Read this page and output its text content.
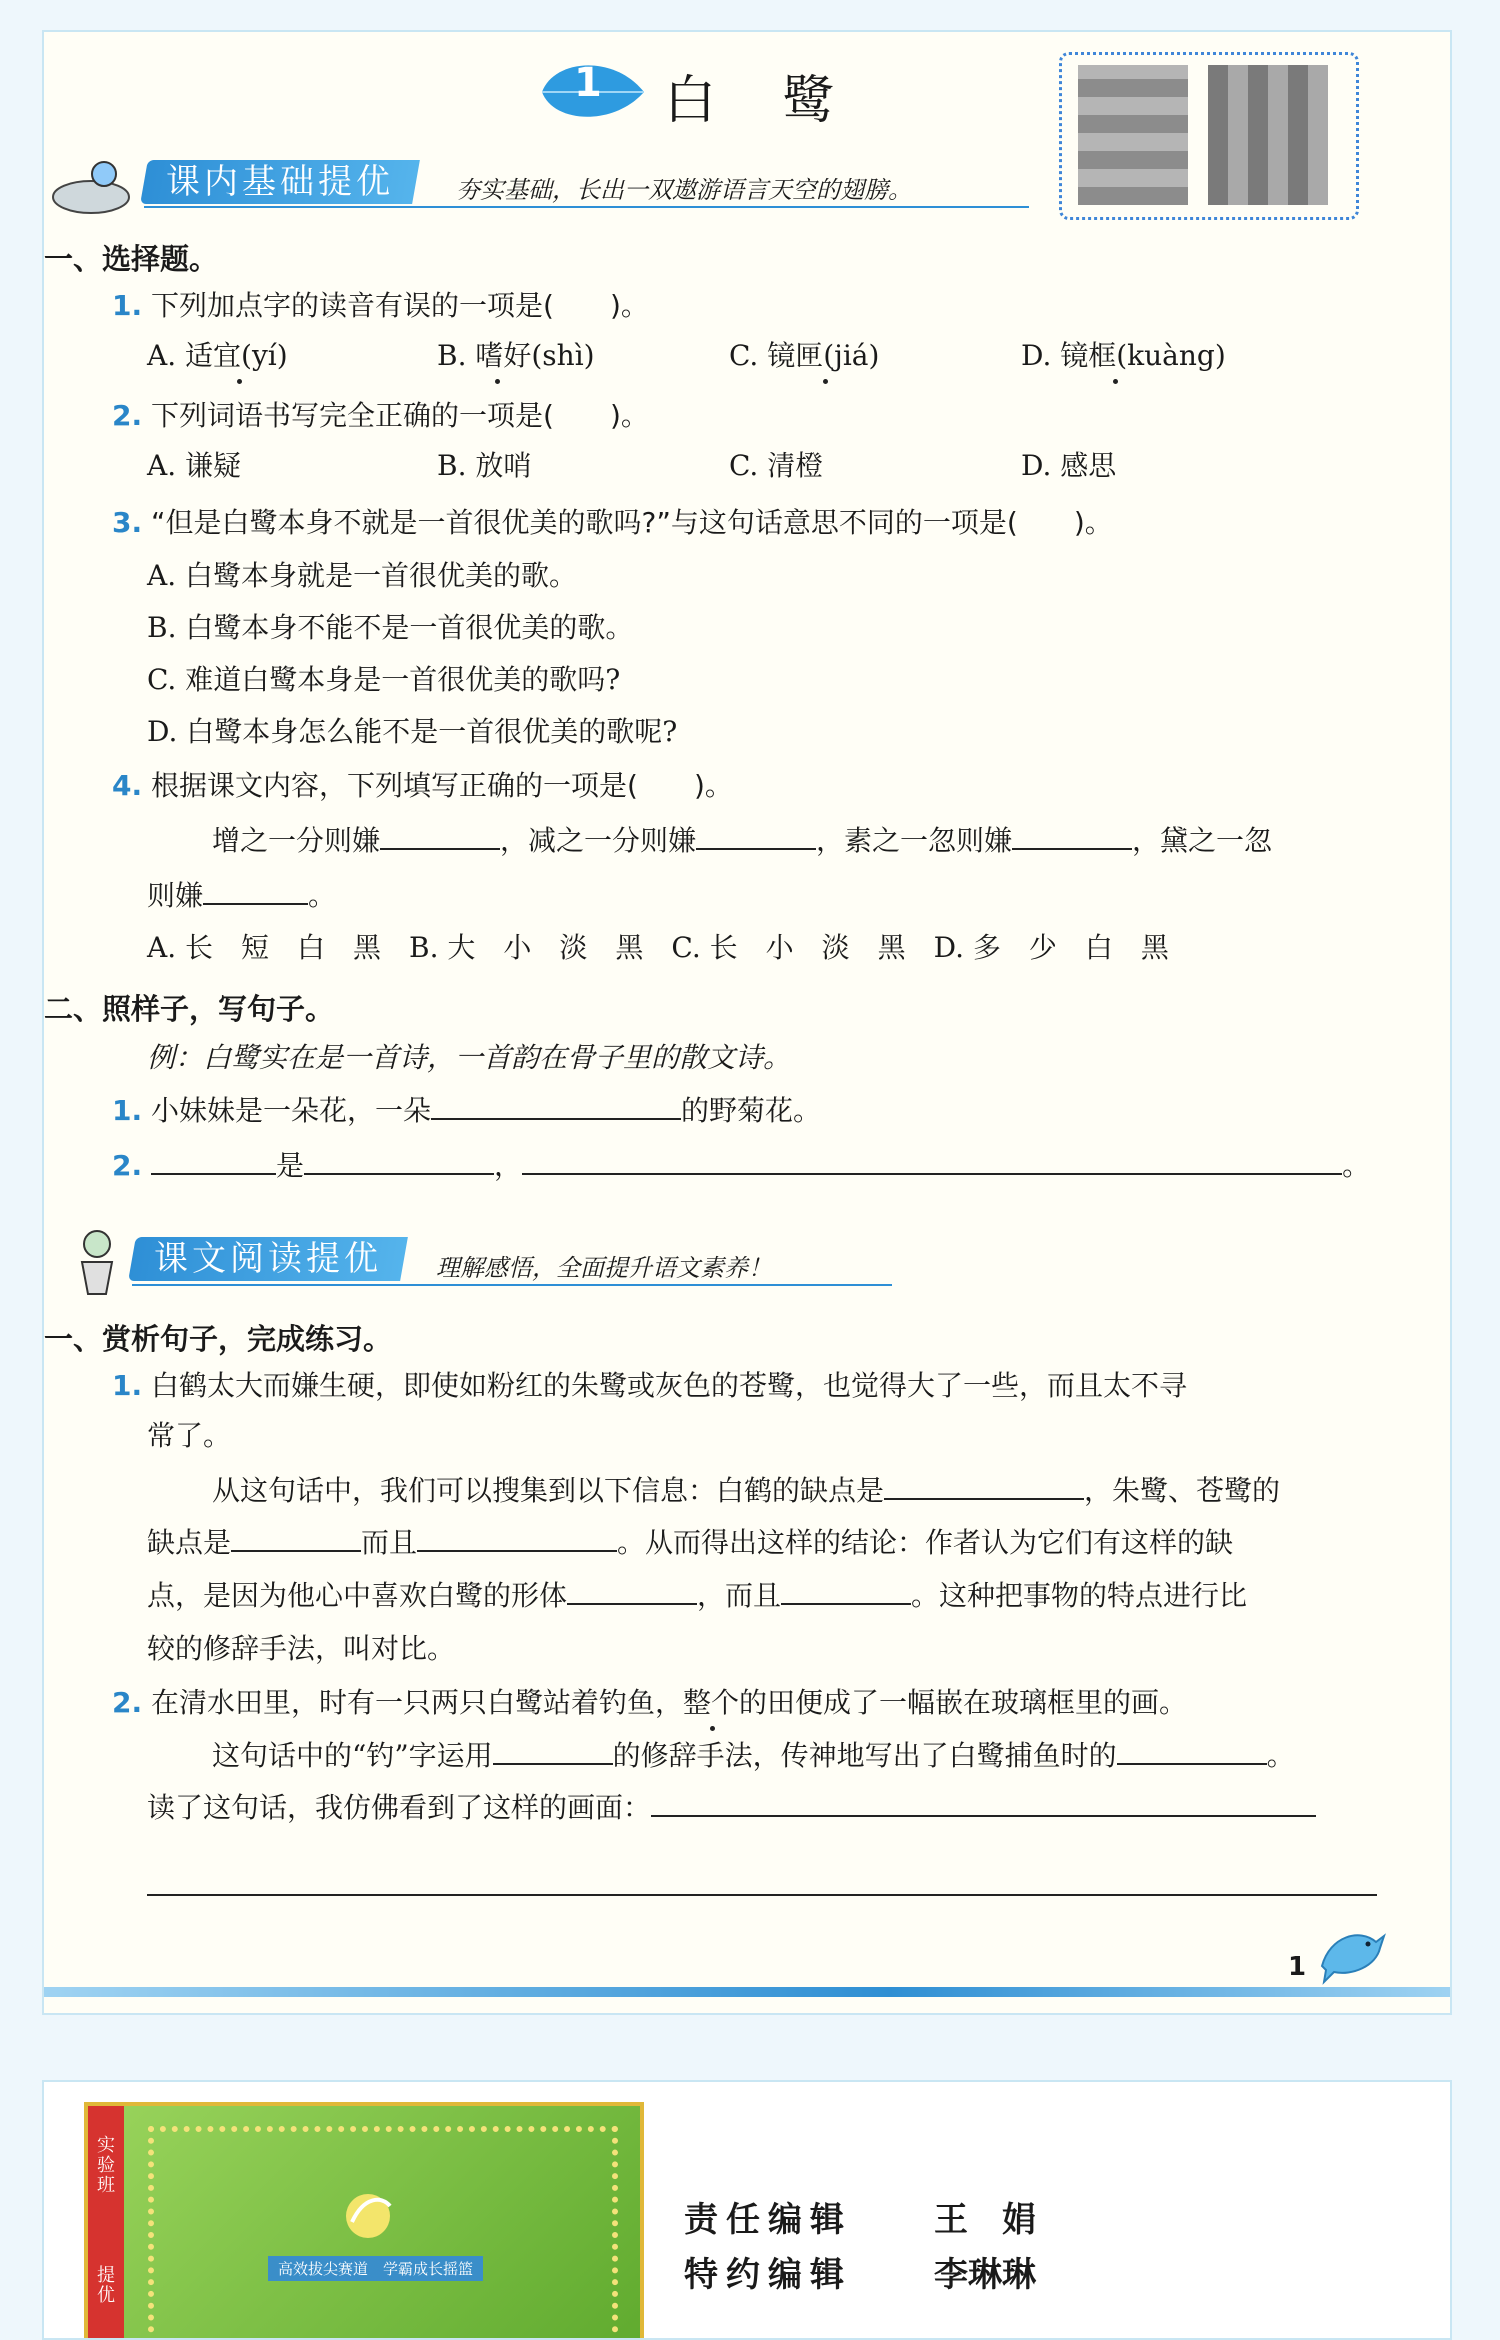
1 白    鹭
课内基础提优	夯实基础，长出一双遨游语言天空的翅膀。
一、选择题。
1. 下列加点字的读音有误的一项是(　　)。
A. 适宜(yí)	B. 嗜好(shì)	C. 镜匣(jiá)	D. 镜框(kuàng)
2. 下列词语书写完全正确的一项是(　　)。
A. 谦疑	B. 放哨	C. 清橙	D. 感思
3. “但是白鹭本身不就是一首很优美的歌吗?”与这句话意思不同的一项是(　　)。
A. 白鹭本身就是一首很优美的歌。
B. 白鹭本身不能不是一首很优美的歌。
C. 难道白鹭本身是一首很优美的歌吗?
D. 白鹭本身怎么能不是一首很优美的歌呢?
4. 根据课文内容，下列填写正确的一项是(　　)。
增之一分则嫌	，减之一分则嫌	，素之一忽则嫌	，黛之一忽
则嫌	。
A. 长　短　白　黑　B. 大　小　淡　黑　C. 长　小　淡　黑　D. 多　少　白　黑
二、照样子，写句子。
例：白鹭实在是一首诗，一首韵在骨子里的散文诗。
1. 小妹妹是一朵花，一朵	的野菊花。
2.	是	，	。
课文阅读提优	理解感悟，全面提升语文素养！
一、赏析句子，完成练习。
1. 白鹤太大而嫌生硬，即使如粉红的朱鹭或灰色的苍鹭，也觉得大了一些，而且太不寻
常了。
从这句话中，我们可以搜集到以下信息：白鹤的缺点是	，朱鹭、苍鹭的
缺点是	而且	。从而得出这样的结论：作者认为它们有这样的缺
点，是因为他心中喜欢白鹭的形体	，而且	。这种把事物的特点进行比
较的修辞手法，叫对比。
2. 在清水田里，时有一只两只白鹭站着钓鱼，整个的田便成了一幅嵌在玻璃框里的画。
这句话中的“钓”字运用	的修辞手法，传神地写出了白鹭捕鱼时的	。
读了这句话，我仿佛看到了这样的画面：
1
实验班
提优
高效拔尖赛道　学霸成长摇篮
责任编辑 王　娟
特约编辑 李琳琳
